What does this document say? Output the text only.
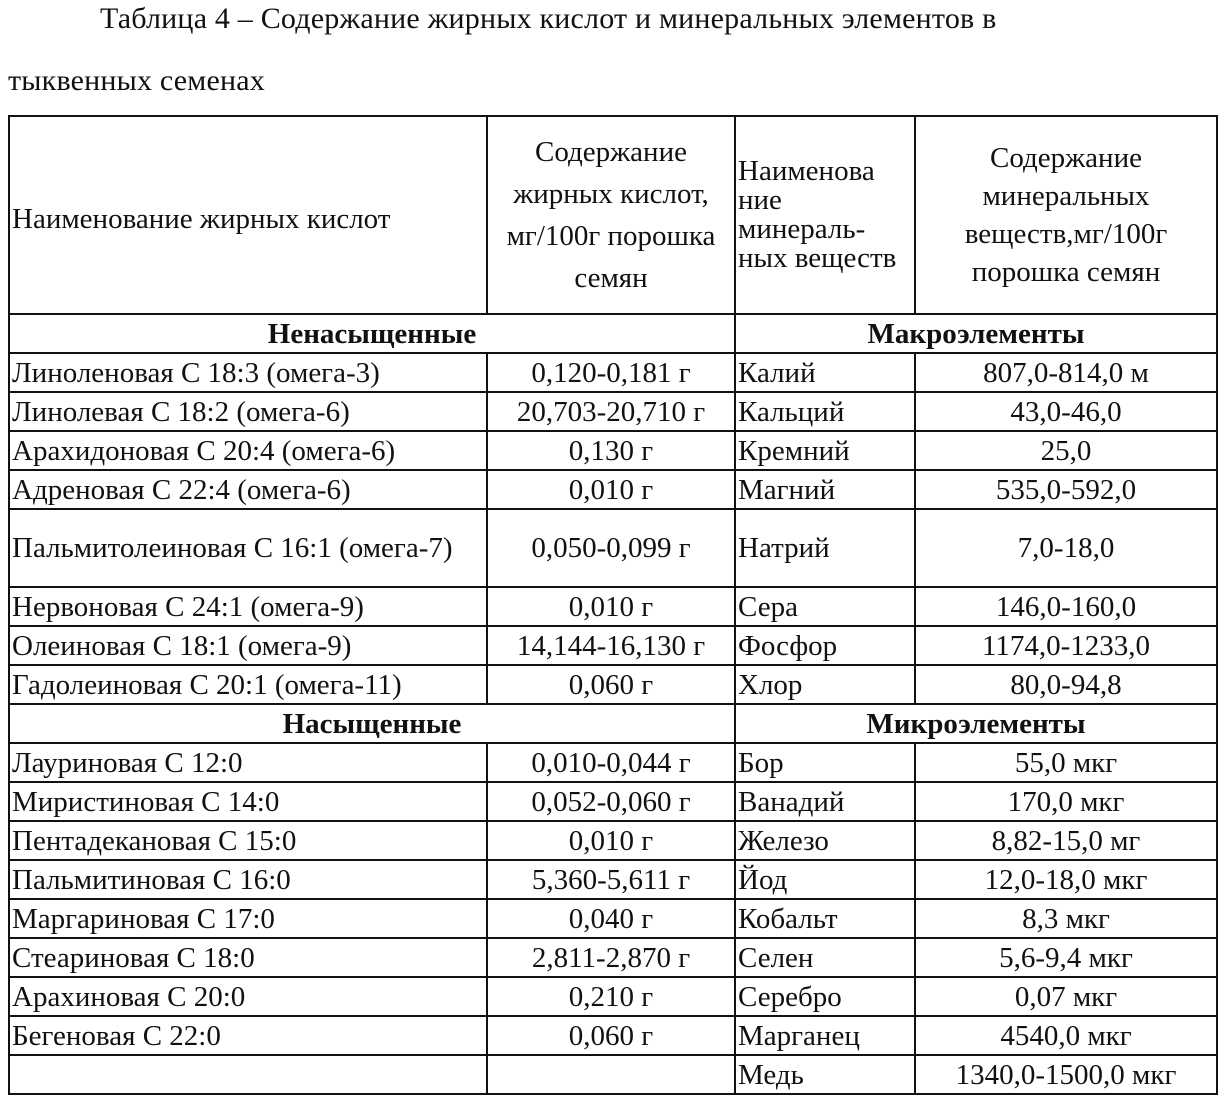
Таблица 4 – Содержание жирных кислот и минеральных элементов в
тыквенных семенах
Наименование жирных кислот	Содержание жирных кислот, мг/100г порошка семян	Наименова ние минераль- ных веществ	Содержание минеральных веществ,мг/100г порошка семян
Ненасыщенные		Макроэлементы	
Линоленовая С 18:3 (омега-3)	0,120-0,181 г	Калий	807,0-814,0 м
Линолевая С 18:2 (омега-6)	20,703-20,710 г	Кальций	43,0-46,0
Арахидоновая С 20:4 (омега-6)	0,130 г	Кремний	25,0
Адреновая С 22:4 (омега-6)	0,010 г	Магний	535,0-592,0
Пальмитолеиновая С 16:1 (омега-7)	0,050-0,099 г	Натрий	7,0-18,0
Нервоновая С 24:1 (омега-9)	0,010 г	Сера	146,0-160,0
Олеиновая С 18:1 (омега-9)	14,144-16,130 г	Фосфор	1174,0-1233,0
Гадолеиновая С 20:1 (омега-11)	0,060 г	Хлор	80,0-94,8
Насыщенные		Микроэлементы	
Лауриновая С 12:0	0,010-0,044 г	Бор	55,0 мкг
Миристиновая С 14:0	0,052-0,060 г	Ванадий	170,0 мкг
Пентадекановая С 15:0	0,010 г	Железо	8,82-15,0 мг
Пальмитиновая С 16:0	5,360-5,611 г	Йод	12,0-18,0 мкг
Маргариновая С 17:0	0,040 г	Кобальт	8,3 мкг
Стеариновая С 18:0	2,811-2,870 г	Селен	5,6-9,4 мкг
Арахиновая С 20:0	0,210 г	Серебро	0,07 мкг
Бегеновая С 22:0	0,060 г	Марганец	4540,0 мкг
		Медь	1340,0-1500,0 мкг
